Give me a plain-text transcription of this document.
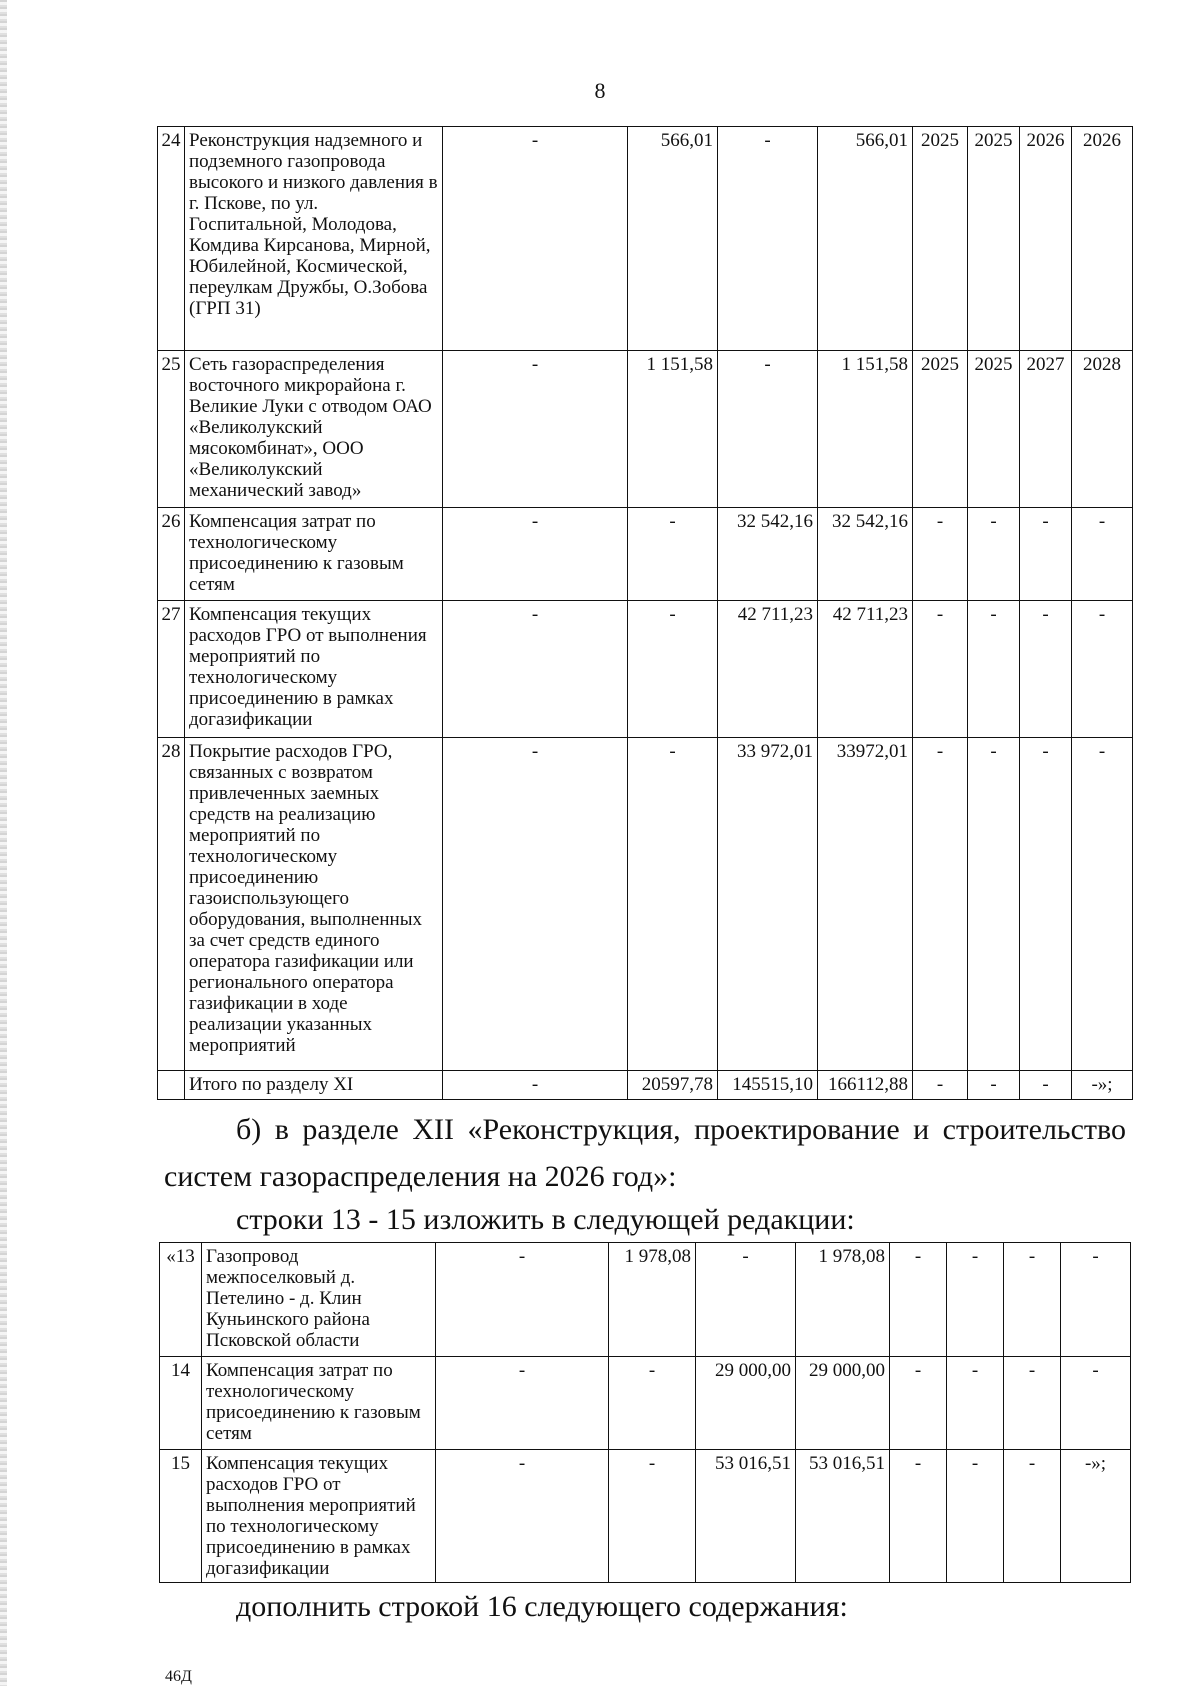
8
24	Реконструкция надземного и подземного газопровода высокого и низкого давления в г. Пскове, по ул. Госпитальной, Молодова, Комдива Кирсанова, Мирной, Юбилейной, Космической, переулкам Дружбы, О.Зобова (ГРП 31)	-	566,01	-	566,01	2025	2025	2026	2026
25	Сеть газораспределения восточного микрорайона г. Великие Луки с отводом ОАО «Великолукский мясокомбинат», ООО «Великолукский механический завод»	-	1 151,58	-	1 151,58	2025	2025	2027	2028
26	Компенсация затрат по технологическому присоединению к газовым сетям	-	-	32 542,16	32 542,16	-	-	-	-
27	Компенсация текущих расходов ГРО от выполнения мероприятий по технологическому присоединению в рамках догазификации	-	-	42 711,23	42 711,23	-	-	-	-
28	Покрытие расходов ГРО, связанных с возвратом привлеченных заемных средств на реализацию мероприятий по технологическому присоединению газоиспользующего оборудования, выполненных за счет средств единого оператора газификации или регионального оператора газификации в ходе реализации указанных мероприятий	-	-	33 972,01	33972,01	-	-	-	-
	Итого по разделу XI	-	20597,78	145515,10	166112,88	-	-	-	-»;
б) в разделе XII «Реконструкция, проектирование и строительство
систем газораспределения на 2026 год»:
строки 13 - 15 изложить в следующей редакции:
«13	Газопровод межпоселковый д. Петелино - д. Клин Куньинского района Псковской области	-	1 978,08	-	1 978,08	-	-	-	-
14	Компенсация затрат по технологическому присоединению к газовым сетям	-	-	29 000,00	29 000,00	-	-	-	-
15	Компенсация текущих расходов ГРО от выполнения мероприятий по технологическому присоединению в рамках догазификации	-	-	53 016,51	53 016,51	-	-	-	-»;
дополнить строкой 16 следующего содержания:
46Д
